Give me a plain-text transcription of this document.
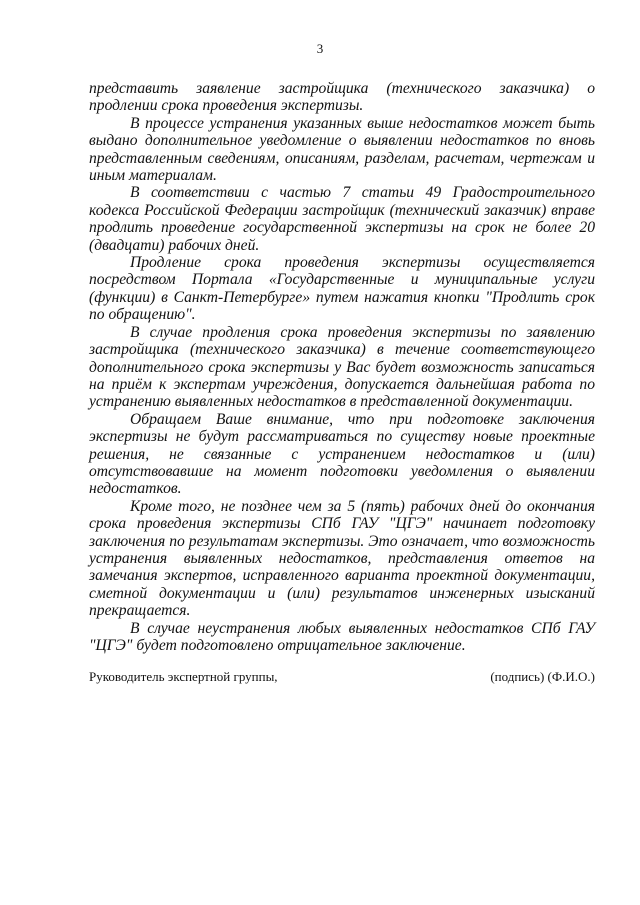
3

представить заявление застройщика (технического заказчика) о продлении срока проведения экспертизы.

В процессе устранения указанных выше недостатков может быть выдано дополнительное уведомление о выявлении недостатков по вновь представленным сведениям, описаниям, разделам, расчетам, чертежам и иным материалам.

В соответствии с частью 7 статьи 49 Градостроительного кодекса Российской Федерации застройщик (технический заказчик) вправе продлить проведение государственной экспертизы на срок не более 20 (двадцати) рабочих дней.

Продление срока проведения экспертизы осуществляется посредством Портала «Государственные и муниципальные услуги (функции) в Санкт-Петербурге» путем нажатия кнопки "Продлить срок по обращению".

В случае продления срока проведения экспертизы по заявлению застройщика (технического заказчика) в течение соответствующего дополнительного срока экспертизы у Вас будет возможность записаться на приём к экспертам учреждения, допускается дальнейшая работа по устранению выявленных недостатков в представленной документации.

Обращаем Ваше внимание, что при подготовке заключения экспертизы не будут рассматриваться по существу новые проектные решения, не связанные с устранением недостатков и (или) отсутствовавшие на момент подготовки уведомления о выявлении недостатков.

Кроме того, не позднее чем за 5 (пять) рабочих дней до окончания срока проведения экспертизы СПб ГАУ "ЦГЭ" начинает подготовку заключения по результатам экспертизы. Это означает, что возможность устранения выявленных недостатков, представления ответов на замечания экспертов, исправленного варианта проектной документации, сметной документации и (или) результатов инженерных изысканий прекращается.

В случае неустранения любых выявленных недостатков СПб ГАУ "ЦГЭ" будет подготовлено отрицательное заключение.

Руководитель экспертной группы,	(подпись) (Ф.И.О.)
